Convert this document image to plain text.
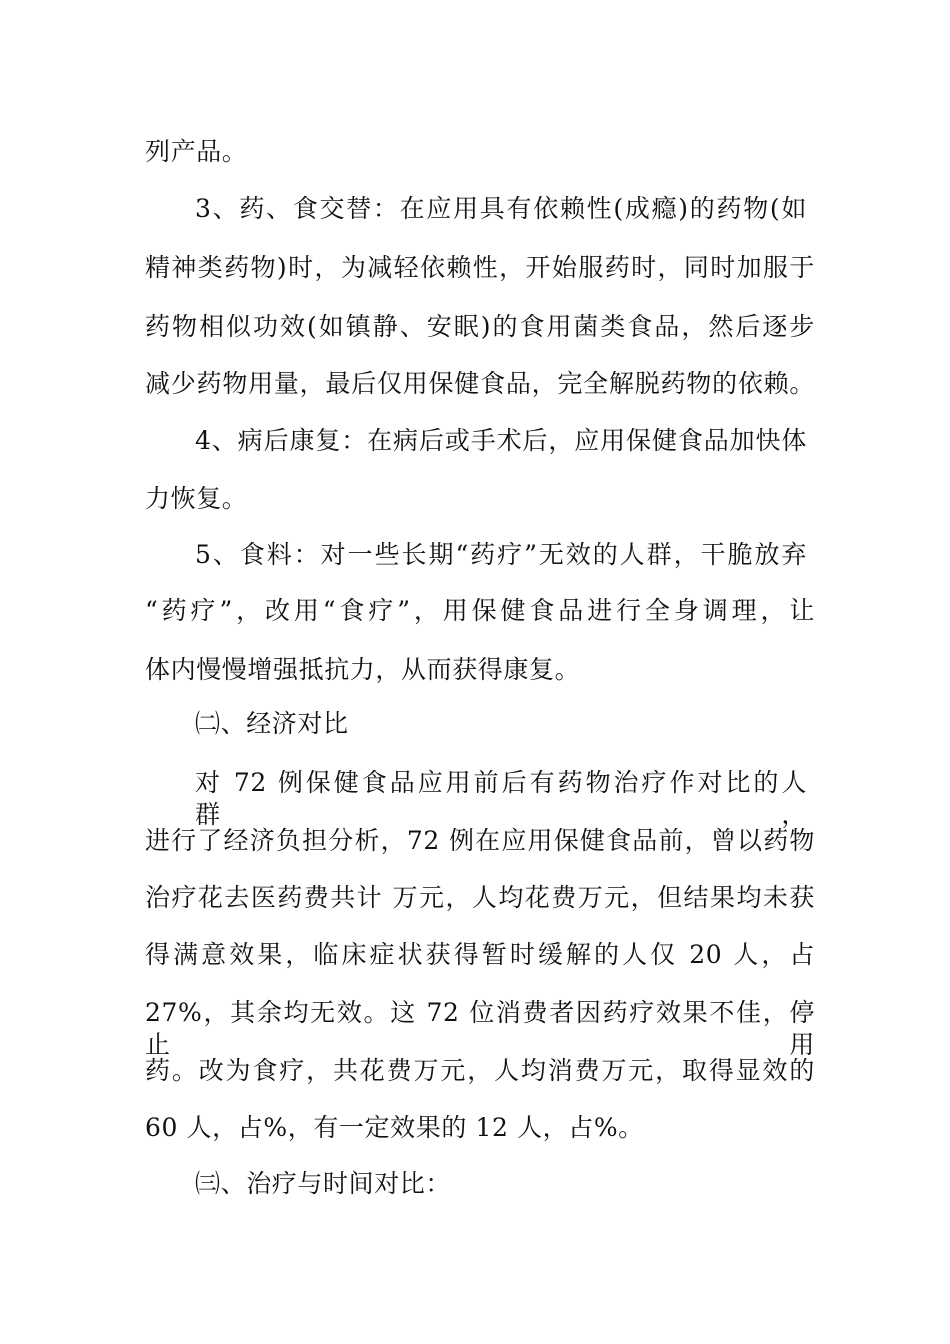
列产品。
3、药、食交替：在应用具有依赖性(成瘾)的药物(如
精神类药物)时，为减轻依赖性，开始服药时，同时加服于
药物相似功效(如镇静、安眠)的食用菌类食品，然后逐步
减少药物用量，最后仅用保健食品，完全解脱药物的依赖。
4、病后康复：在病后或手术后，应用保健食品加快体
力恢复。
5、食料：对一些长期“药疗”无效的人群，干脆放弃
“药疗”，改用“食疗”，用保健食品进行全身调理，让
体内慢慢增强抵抗力，从而获得康复。
㈡、经济对比
对 72 例保健食品应用前后有药物治疗作对比的人群，
进行了经济负担分析，72 例在应用保健食品前，曾以药物
治疗花去医药费共计 万元，人均花费万元，但结果均未获
得满意效果，临床症状获得暂时缓解的人仅 20 人，占
27%，其余均无效。这 72 位消费者因药疗效果不佳，停止用
药。改为食疗，共花费万元，人均消费万元，取得显效的
60 人，占%，有一定效果的 12 人，占%。
㈢、治疗与时间对比：
